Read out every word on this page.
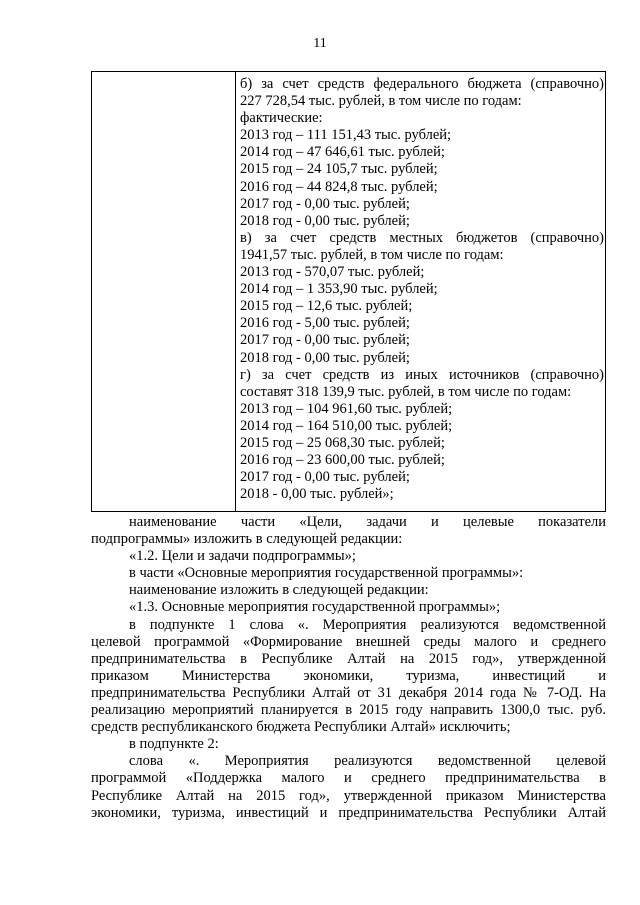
11
б) за счет средств федерального бюджета (справочно)
227 728,54 тыс. рублей, в том числе по годам:
фактические:
2013 год – 111 151,43 тыс. рублей;
2014 год – 47 646,61 тыс. рублей;
2015 год – 24 105,7 тыс. рублей;
2016 год – 44 824,8 тыс. рублей;
2017 год - 0,00 тыс. рублей;
2018 год - 0,00 тыс. рублей;
в) за счет средств местных бюджетов (справочно)
1941,57 тыс. рублей, в том числе по годам:
2013 год - 570,07 тыс. рублей;
2014 год – 1 353,90 тыс. рублей;
2015 год – 12,6 тыс. рублей;
2016 год - 5,00 тыс. рублей;
2017 год - 0,00 тыс. рублей;
2018 год - 0,00 тыс. рублей;
г) за счет средств из иных источников (справочно)
составят 318 139,9 тыс. рублей, в том числе по годам:
2013 год – 104 961,60 тыс. рублей;
2014 год – 164 510,00 тыс. рублей;
2015 год – 25 068,30 тыс. рублей;
2016 год – 23 600,00 тыс. рублей;
2017 год - 0,00 тыс. рублей;
2018 - 0,00 тыс. рублей»;
наименование части «Цели, задачи и целевые показатели
подпрограммы» изложить в следующей редакции:
«1.2. Цели и задачи подпрограммы»;
в части «Основные мероприятия государственной программы»:
наименование изложить в следующей редакции:
«1.3. Основные мероприятия государственной программы»;
в подпункте 1 слова «. Мероприятия реализуются ведомственной
целевой программой «Формирование внешней среды малого и среднего
предпринимательства в Республике Алтай на 2015 год», утвержденной
приказом Министерства экономики, туризма, инвестиций и
предпринимательства Республики Алтай от 31 декабря 2014 года № 7-ОД. На
реализацию мероприятий планируется в 2015 году направить 1300,0 тыс. руб.
средств республиканского бюджета Республики Алтай» исключить;
в подпункте 2:
слова «. Мероприятия реализуются ведомственной целевой
программой «Поддержка малого и среднего предпринимательства в
Республике Алтай на 2015 год», утвержденной приказом Министерства
экономики, туризма, инвестиций и предпринимательства Республики Алтай
